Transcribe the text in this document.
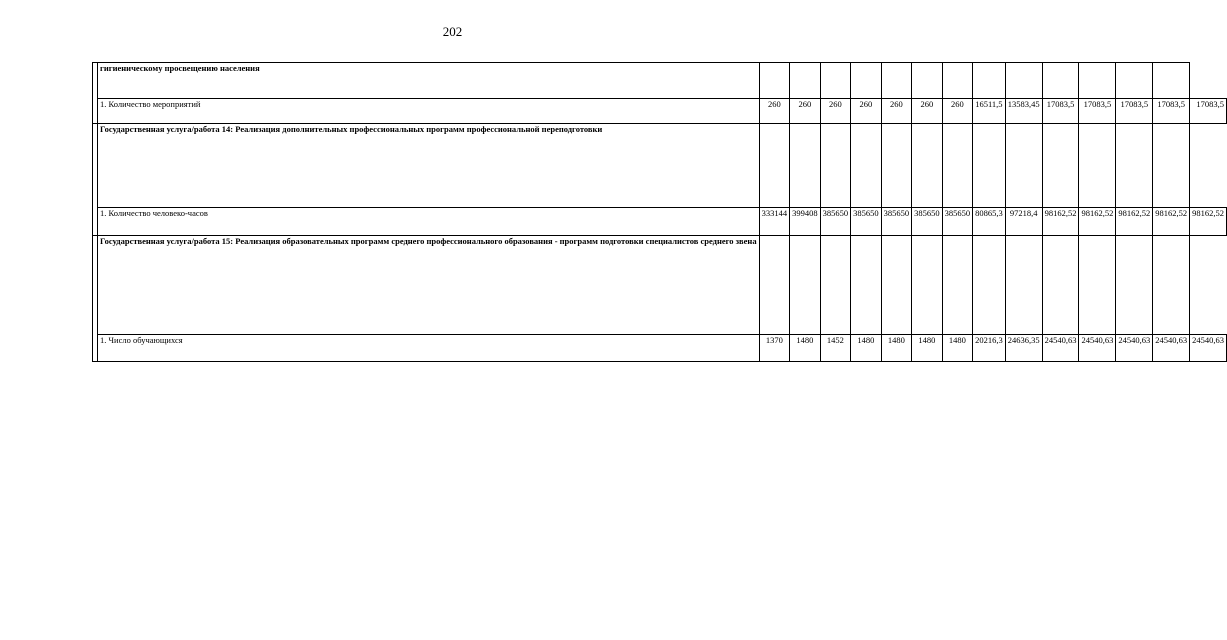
202
	гигиеническому просвещению населения														
	1. Количество мероприятий	260	260	260	260	260	260	260	16511,5	13583,45	17083,5	17083,5	17083,5	17083,5	17083,5
	Государственная услуга/работа 14: Реализация дополнительных профессиональных программ профессиональной переподготовки														
	1. Количество человеко-часов	333144	399408	385650	385650	385650	385650	385650	80865,3	97218,4	98162,52	98162,52	98162,52	98162,52	98162,52
	Государственная услуга/работа 15: Реализация образовательных программ среднего профессионального образования - программ подготовки специалистов среднего звена														
	1. Число обучающихся	1370	1480	1452	1480	1480	1480	1480	20216,3	24636,35	24540,63	24540,63	24540,63	24540,63	24540,63
